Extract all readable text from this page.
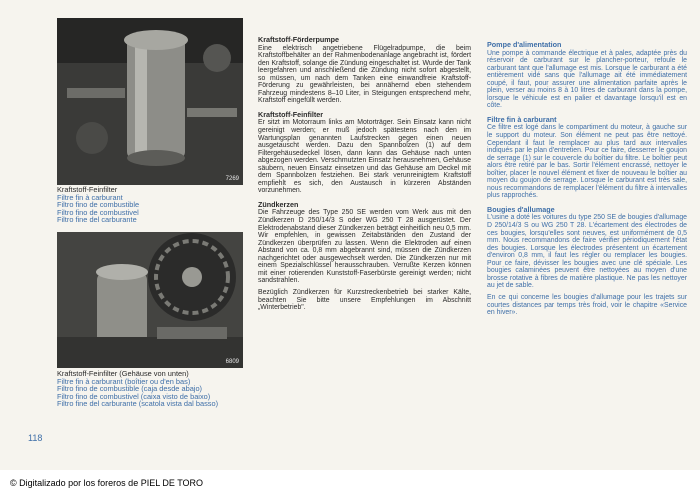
7269
Kraftstoff-Feinfilter
Filtre fin à carburant
Filtro fino de combustible
Filtro fino de combustivel
Filtro fine del carburante
6809
Kraftstoff-Feinfilter (Gehäuse von unten)
Filtre fin à carburant (boîtier ou d'en bas)
Filtro fino de combustible (caja desde abajo)
Filtro fino de combustivel (caixa visto de baixo)
Filtro fine del carburante (scatola vista dal basso)
118
Kraftstoff-Förderpumpe

Eine elektrisch angetriebene Flügelradpumpe, die beim Kraftstoffbehälter an der Rahmenbodenanlage angebracht ist, fördert den Kraftstoff, solange die Zündung eingeschaltet ist. Wurde der Tank leergefahren und anschließend die Zündung nicht sofort abgestellt, so müssen, um nach dem Tanken eine einwandfreie Kraftstoff-Förderung zu gewährleisten, bei annähernd eben stehendem Fahrzeug mindestens 8–10 Liter, in Steigungen entsprechend mehr, Kraftstoff eingefüllt werden.

Kraftstoff-Feinfilter

Er sitzt im Motorraum links am Motorträger. Sein Einsatz kann nicht gereinigt werden; er muß jedoch spätestens nach den im Wartungsplan genannten Laufstrecken gegen einen neuen ausgetauscht werden. Dazu den Spannbolzen (1) auf dem Filtergehäusedeckel lösen, dann kann das Gehäuse nach unten abgezogen werden. Verschmutzten Einsatz herausnehmen, Gehäuse säubern, neuen Einsatz einsetzen und das Gehäuse am Deckel mit dem Spannbolzen festziehen. Bei stark verunreinigtem Kraftstoff empfiehlt es sich, den Austausch in kürzeren Abständen vorzunehmen.

Zündkerzen

Die Fahrzeuge des Type 250 SE werden vom Werk aus mit den Zündkerzen D 250/14/3 S oder WG 250 T 28 ausgerüstet. Der Elektrodenabstand dieser Zündkerzen beträgt einheitlich neu 0,5 mm. Wir empfehlen, in gewissen Zeitabständen den Zustand der Zündkerzen überprüfen zu lassen. Wenn die Elektroden auf einen Abstand von ca. 0,8 mm abgebrannt sind, müssen die Zündkerzen nachgerichtet oder ausgewechselt werden. Die Zündkerzen nur mit einem Spezialschlüssel herausschrauben. Verrußte Kerzen können mit einer rotierenden Kunststoff-Faserbürste gereinigt werden; nicht sandstrahlen.

Bezüglich Zündkerzen für Kurzstreckenbetrieb bei starker Kälte, beachten Sie bitte unsere Empfehlungen im Abschnitt „Winterbetrieb".

Pompe d'alimentation

Une pompe à commande électrique et à pales, adaptée près du réservoir de carburant sur le plancher-porteur, refoule le carburant tant que l'allumage est mis. Lorsque le carburant a été entièrement vidé sans que l'allumage ait été immédiatement coupé, il faut, pour assurer une alimentation parfaite après le plein, verser au moins 8 à 10 litres de carburant dans la pompe, lorsque le véhicule est en palier et davantage lorsqu'il est en côte.

Filtre fin à carburant

Ce filtre est logé dans le compartiment du moteur, à gauche sur le support du moteur. Son élément ne peut pas être nettoyé. Cependant il faut le remplacer au plus tard aux intervalles indiqués par le plan d'entretien. Pour ce faire, desserrer le goujon de serrage (1) sur le couvercle du boîtier du filtre. Le boîtier peut alors être retiré par le bas. Sortir l'élément encrassé, nettoyer le boîtier, placer le nouvel élément et fixer de nouveau le boîtier au moyen du goujon de serrage. Lorsque le carburant est très sale, nous recommandons de remplacer l'élément du filtre à intervalles plus rapprochés.

Bougies d'allumage

L'usine a doté les voitures du type 250 SE de bougies d'allumage D 250/14/3 S ou WG 250 T 28. L'écartement des électrodes de ces bougies, lorsqu'elles sont neuves, est uniformément de 0,5 mm. Nous recommandons de faire vérifier périodiquement l'état des bougies. Lorsque les électrodes présentent un écartement d'environ 0,8 mm, il faut les régler ou remplacer les bougies. Pour ce faire, dévisser les bougies avec une clé spéciale. Les bougies calaminées peuvent être nettoyées au moyen d'une brosse rotative à fibres de matière plastique. Ne pas les nettoyer au jet de sable.

En ce qui concerne les bougies d'allumage pour les trajets sur courtes distances par temps très froid, voir le chapitre «Service en hiver».

© Digitalizado por los foreros de PIEL DE TORO
